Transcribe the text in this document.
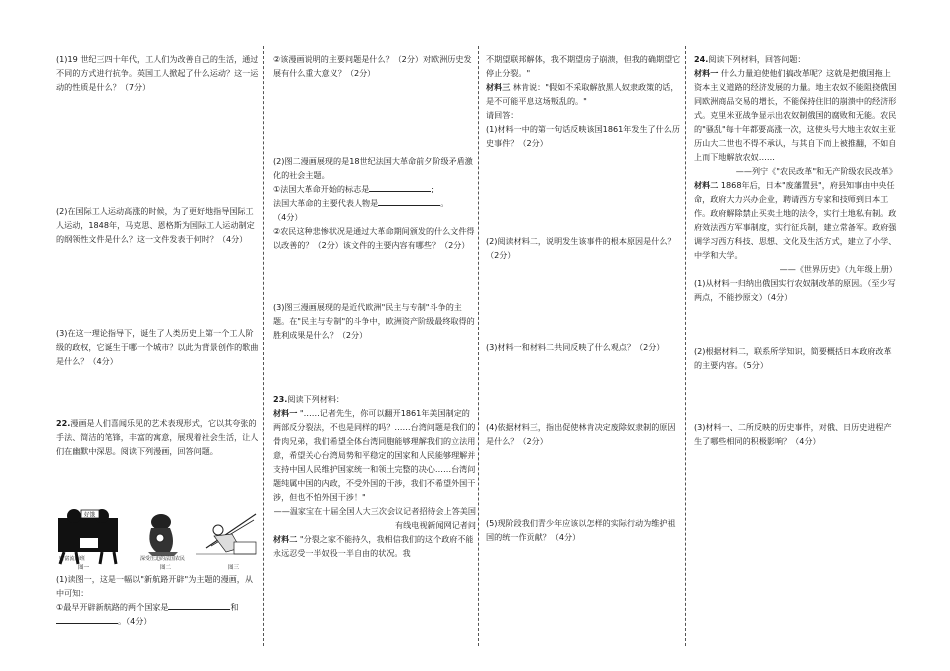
(1)19 世纪三四十年代，工人们为改善自己的生活，通过不同的方式进行抗争。英国工人掀起了什么运动？这一运动的性质是什么？（7分）

(2)在国际工人运动高涨的时候，为了更好地指导国际工人运动，1848年，马克思、恩格斯为国际工人运动制定的纲领性文件是什么？这一文件发表于何时？（4分）

(3)在这一理论指导下，诞生了人类历史上第一个工人阶级的政权，它诞生于哪一个城市？以此为背景创作的歌曲是什么？（4分）

22.漫画是人们喜闻乐见的艺术表现形式，它以其夸张的手法、简洁的笔锋，丰富的寓意，展现着社会生活，让人们在幽默中深思。阅读下列漫画，回答问题。

好饿
财富流西班	深受压迫的法国农民
图一	图二	图三

(1)读图一，这是一幅以"新航路开辟"为主题的漫画，从中可知：

①最早开辟新航路的两个国家是	和
。（4分）

②该漫画说明的主要问题是什么？（2分）对欧洲历史发展有什么重大意义？（2分）

(2)图二漫画展现的是18世纪法国大革命前夕阶级矛盾激化的社会主题。

①法国大革命开始的标志是	;
法国大革命的主要代表人物是	。
（4分）

②农民这种悲惨状况是通过大革命期间颁发的什么文件得以改善的？（2分）该文件的主要内容有哪些？（2分）

(3)图三漫画展现的是近代欧洲"民主与专制"斗争的主题。在"民主与专制"的斗争中，欧洲资产阶级最终取得的胜利成果是什么？（2分）

23.阅读下列材料：

材料一 "……记者先生，你可以翻开1861年美国制定的两部反分裂法，不也是同样的吗？……台湾问题是我们的骨肉兄弟，我们希望全体台湾同胞能够理解我们的立法用意，希望关心台湾局势和平稳定的国家和人民能够理解并支持中国人民维护国家统一和领土完整的决心……台湾问题纯属中国的内政，不受外国的干涉，我们不希望外国干涉，但也不怕外国干涉！"

——温家宝在十届全国人大三次会议记者招待会上答美国有线电视新闻网记者问

材料二 "分裂之家不能持久，我相信我们的这个政府不能永远忍受一半奴役一半自由的状况。我

不期望联邦解体，我不期望房子崩溃，但我的确期望它停止分裂。"

材料三 林肯说："假如不采取解放黑人奴隶政策的话，是不可能平息这场叛乱的。"

请回答：

(1)材料一中的第一句话反映该国1861年发生了什么历史事件？（2分）

(2)阅读材料二，说明发生该事件的根本原因是什么？（2分）

(3)材料一和材料二共同反映了什么观点？（2分）

(4)依据材料三，指出促使林肯决定废除奴隶制的原因是什么？（2分）

(5)现阶段我们青少年应该以怎样的实际行动为维护祖国的统一作贡献？（4分）

24.阅读下列材料，回答问题：

材料一 什么力量迫使他们搞改革呢？这就是把俄国拖上资本主义道路的经济发展的力量。地主农奴不能阻挠俄国同欧洲商品交易的增长，不能保持住旧的崩溃中的经济形式。克里米亚战争显示出农奴制俄国的腐败和无能。农民的"骚乱"每十年都要高涨一次，这使头号大地主农奴主亚历山大二世也不得不承认，与其自下而上被推翻，不如自上而下地解放农奴……

——列宁《"农民改革"和无产阶级农民改革》

材料二 1868年后，日本"废藩置县"，府县知事由中央任命，政府大力兴办企业，聘请西方专家和技师到日本工作。政府解除禁止买卖土地的法令，实行土地私有制。政府效法西方军事制度，实行征兵制，建立常备军。政府强调学习西方科技、思想、文化及生活方式，建立了小学、中学和大学。

——《世界历史》（九年级上册）

(1)从材料一归纳出俄国实行农奴制改革的原因。（至少写两点，不能抄原文）（4分）

(2)根据材料二，联系所学知识，简要概括日本政府改革的主要内容。（5分）

(3)材料一、二所反映的历史事件，对俄、日历史进程产生了哪些相同的积极影响？（4分）
